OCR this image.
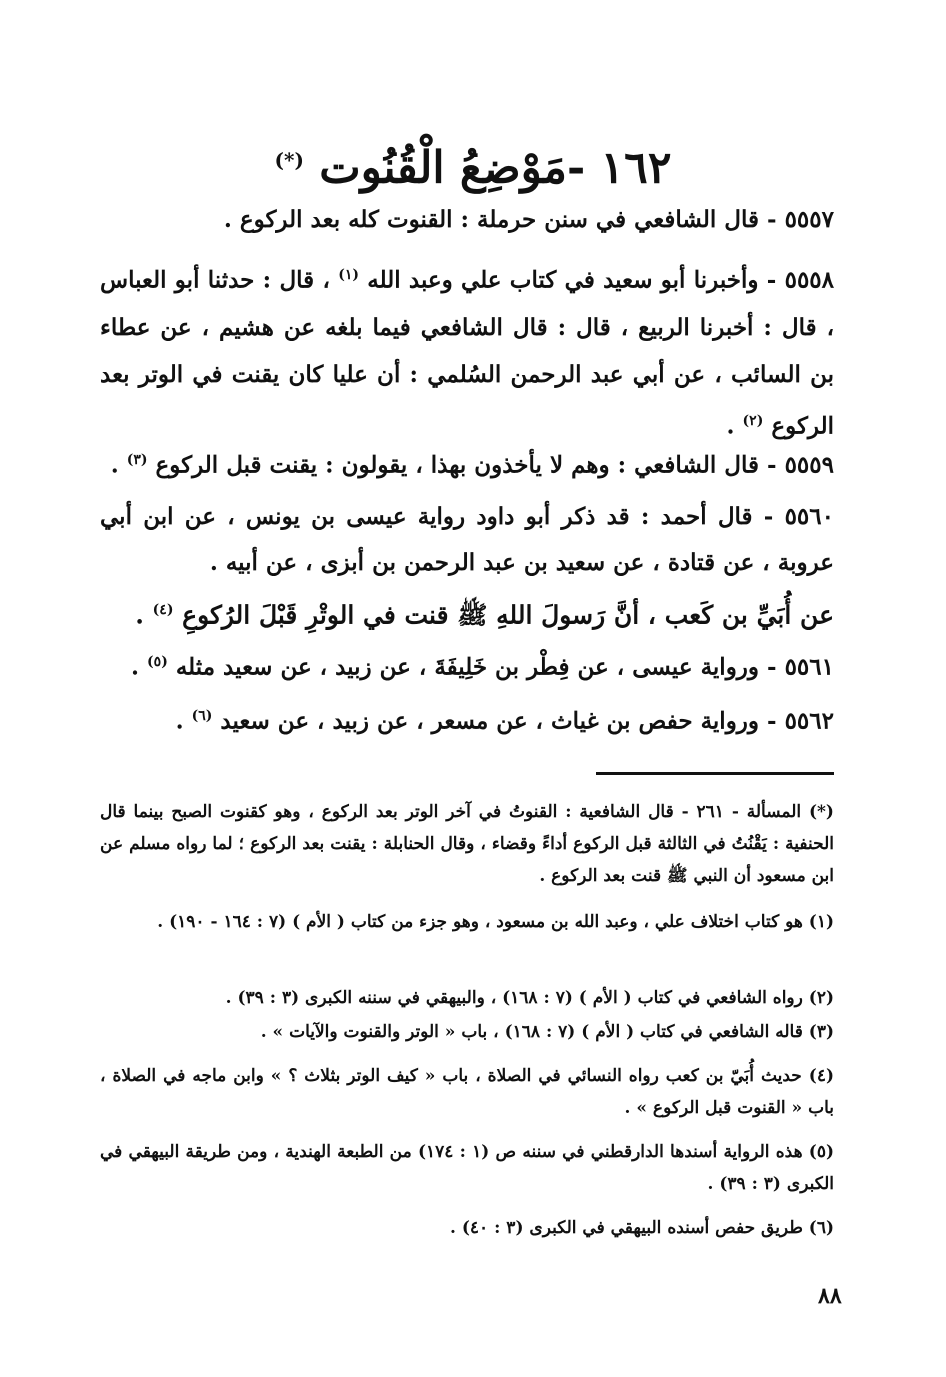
١٦٢ -مَوْضِعُ الْقُنُوت (*)
٥٥٥٧ - قال الشافعي في سنن حرملة : القنوت كله بعد الركوع .
٥٥٥٨ - وأخبرنا أبو سعيد في كتاب علي وعبد الله $^{(١)}$ ، قال : حدثنا أبو العباس ، قال : أخبرنا الربيع ، قال : قال الشافعي فيما بلغه عن هشيم ، عن عطاء بن السائب ، عن أبي عبد الرحمن السُلمي : أن عليا كان يقنت في الوتر بعد الركوع $^{(٢)}$ .
٥٥٥٩ - قال الشافعي : وهم لا يأخذون بهذا ، يقولون : يقنت قبل الركوع $^{(٣)}$ .
٥٥٦٠ - قال أحمد : قد ذكر أبو داود رواية عيسى بن يونس ، عن ابن أبي عروبة ، عن قتادة ، عن سعيد بن عبد الرحمن بن أبزى ، عن أبيه .
عن أُبَيِّ بن كَعب ، أنَّ رَسولَ اللهِ ﷺ قنت في الوتْرِ قَبْلَ الرُكوعِ $^{(٤)}$ .
٥٥٦١ - ورواية عيسى ، عن فِطْر بن خَلِيفَةَ ، عن زبيد ، عن سعيد مثله $^{(٥)}$ .
٥٥٦٢ - ورواية حفص بن غياث ، عن مسعر ، عن زبيد ، عن سعيد $^{(٦)}$ .
(*) المسألة - ٢٦١ - قال الشافعية : القنوتُ في آخر الوتر بعد الركوع ، وهو كقنوت الصبح بينما قال الحنفية : يَقْنُتُ في الثالثة قبل الركوع أداءً وقضاء ، وقال الحنابلة : يقنت بعد الركوع ؛ لما رواه مسلم عن ابن مسعود أن النبي ﷺ قنت بعد الركوع .
(١) هو كتاب اختلاف علي ، وعبد الله بن مسعود ، وهو جزء من كتاب ( الأم ) (٧ : ١٦٤ - ١٩٠) .
(٢) رواه الشافعي في كتاب ( الأم ) (٧ : ١٦٨) ، والبيهقي في سننه الكبرى (٣ : ٣٩) .
(٣) قاله الشافعي في كتاب ( الأم ) (٧ : ١٦٨) ، باب « الوتر والقنوت والآيات » .
(٤) حديث أُبَيّ بن كعب رواه النسائي في الصلاة ، باب « كيف الوتر بثلاث ؟ » وابن ماجه في الصلاة ، باب « القنوت قبل الركوع » .
(٥) هذه الرواية أسندها الدارقطني في سننه ص (١ : ١٧٤) من الطبعة الهندية ، ومن طريقة البيهقي في الكبرى (٣ : ٣٩) .
(٦) طريق حفص أسنده البيهقي في الكبرى (٣ : ٤٠) .
٨٨
